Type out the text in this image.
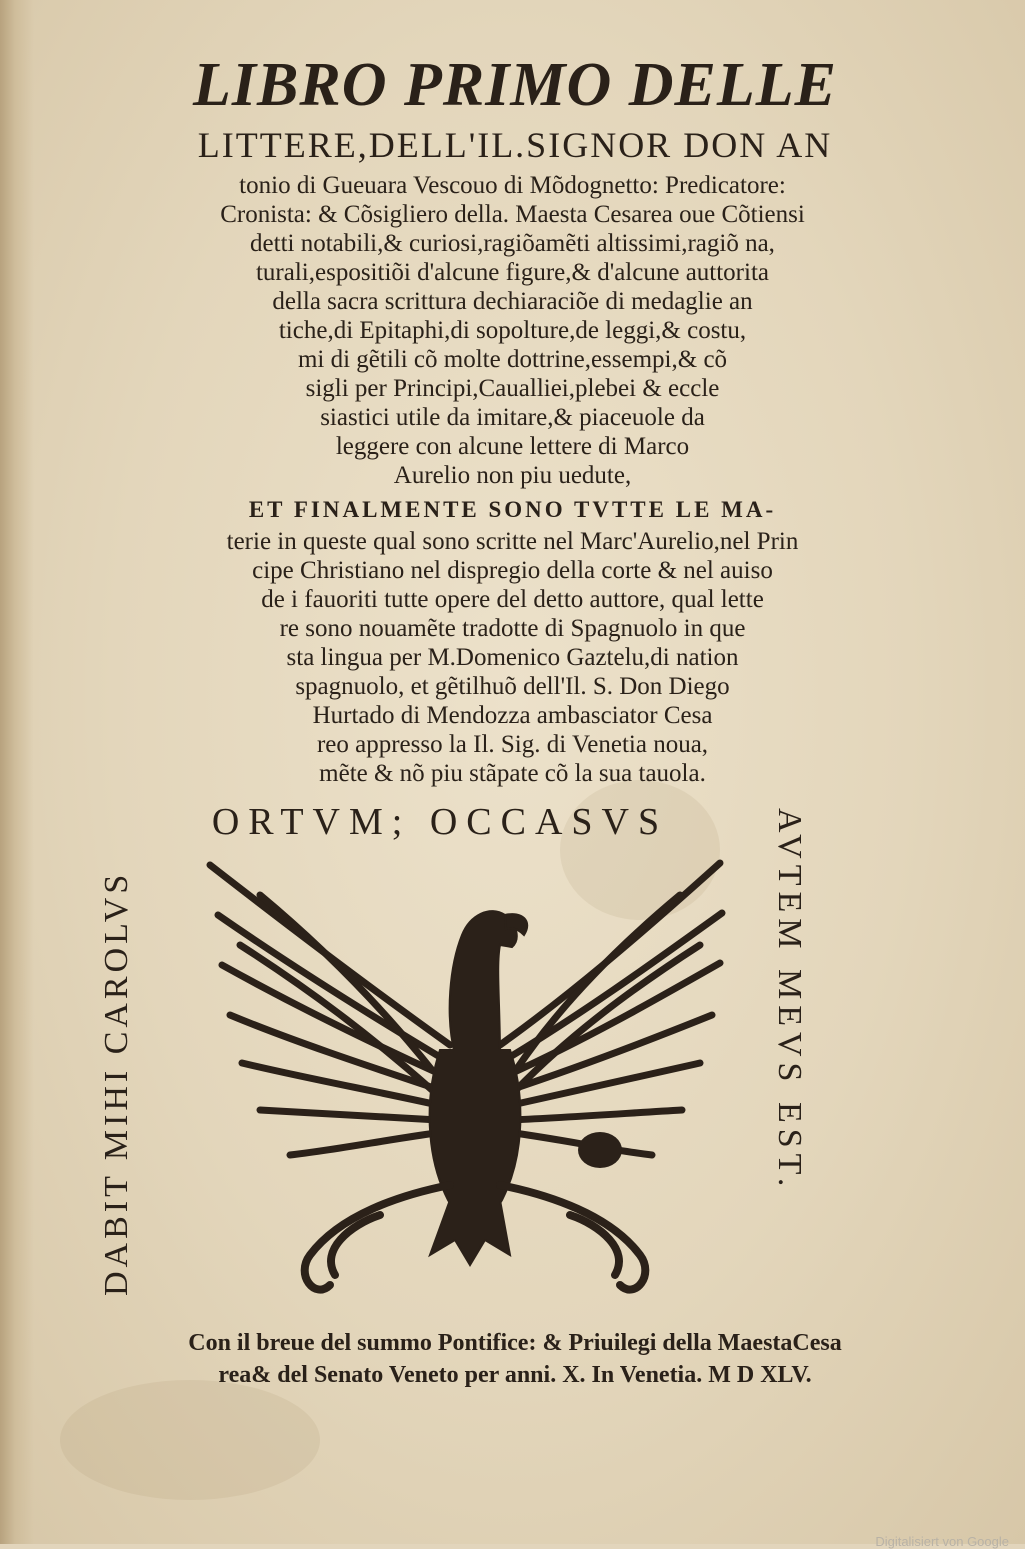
LIBRO PRIMO DELLE
LITTERE,DELL'IL.SIGNOR DON AN
tonio di Gueuara Vescouo di Mõdognetto: Predicatore:
Cronista: & Cõsigliero della. Maesta Cesarea oue Cõtiensi
detti notabili,& curiosi,ragiõamẽti altissimi,ragiõ na,
turali,espositiõi d'alcune figure,& d'alcune auttorita
della sacra scrittura dechiaraciõe di medaglie an
tiche,di Epitaphi,di sopolture,de leggi,& costu,
mi di gẽtili cõ molte dottrine,essempi,& cõ
sigli per Principi,Caualliei,plebei & eccle
siastici utile da imitare,& piaceuole da
leggere con alcune lettere di Marco
Aurelio non piu uedute,
ET FINALMENTE SONO TVTTE LE MA-
terie in queste qual sono scritte nel Marc'Aurelio,nel Prin
cipe Christiano nel dispregio della corte & nel auiso
de i fauoriti tutte opere del detto auttore, qual lette
re sono nouamẽte tradotte di Spagnuolo in que
sta lingua per M.Domenico Gaztelu,di nation
spagnuolo, et gẽtilhuõ dell'Il. S. Don Diego
Hurtado di Mendozza ambasciator Cesa
reo appresso la Il. Sig. di Venetia noua,
mẽte & nõ piu stãpate cõ la sua tauola.
ORTVM; OCCASVS
DABIT MIHI CAROLVS	AVTEM MEVS EST.
Con il breue del summo Pontifice: & Priuilegi della MaestaCesa
rea& del Senato Veneto per anni. X. In Venetia. M D XLV.
Digitalisiert von Google
